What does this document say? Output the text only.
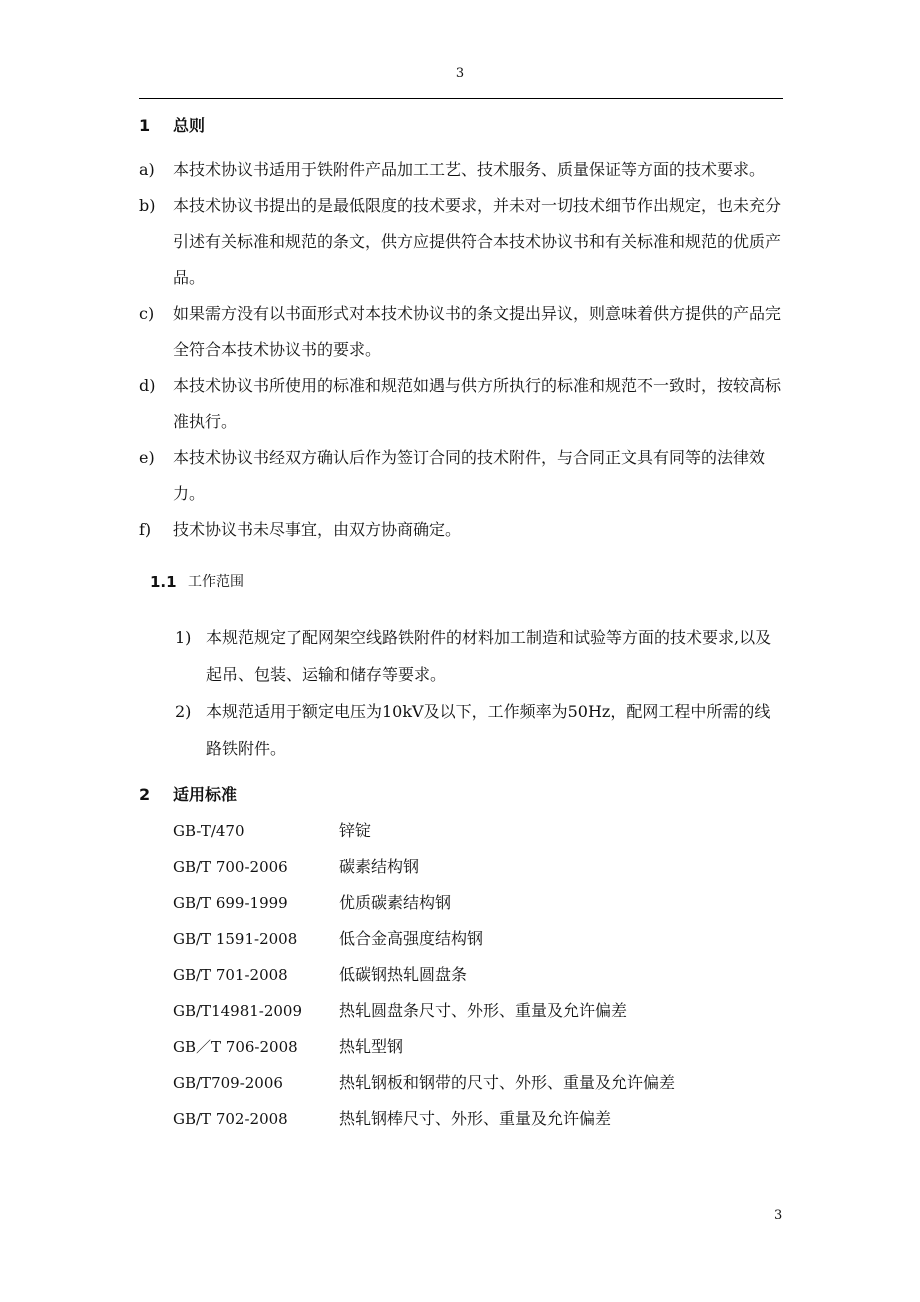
3
1	总则
a)	本技术协议书适用于铁附件产品加工工艺、技术服务、质量保证等方面的技术要求。
b)	本技术协议书提出的是最低限度的技术要求，并未对一切技术细节作出规定，也未充分引述有关标准和规范的条文，供方应提供符合本技术协议书和有关标准和规范的优质产品。
c)	如果需方没有以书面形式对本技术协议书的条文提出异议，则意味着供方提供的产品完全符合本技术协议书的要求。
d)	本技术协议书所使用的标准和规范如遇与供方所执行的标准和规范不一致时，按较高标准执行。
e)	本技术协议书经双方确认后作为签订合同的技术附件，与合同正文具有同等的法律效力。
f)	技术协议书未尽事宜，由双方协商确定。
1.1 工作范围
1) 本规范规定了配网架空线路铁附件的材料加工制造和试验等方面的技术要求,以及起吊、包装、运输和储存等要求。
2) 本规范适用于额定电压为10kV及以下，工作频率为50Hz，配网工程中所需的线路铁附件。
2	适用标准
GB-T/470	锌锭
GB/T 700-2006	碳素结构钢
GB/T 699-1999	优质碳素结构钢
GB/T 1591-2008	低合金高强度结构钢
GB/T 701-2008	低碳钢热轧圆盘条
GB/T14981-2009	热轧圆盘条尺寸、外形、重量及允许偏差
GB／T 706-2008	热轧型钢
GB/T709-2006	热轧钢板和钢带的尺寸、外形、重量及允许偏差
GB/T 702-2008	热轧钢棒尺寸、外形、重量及允许偏差
3
